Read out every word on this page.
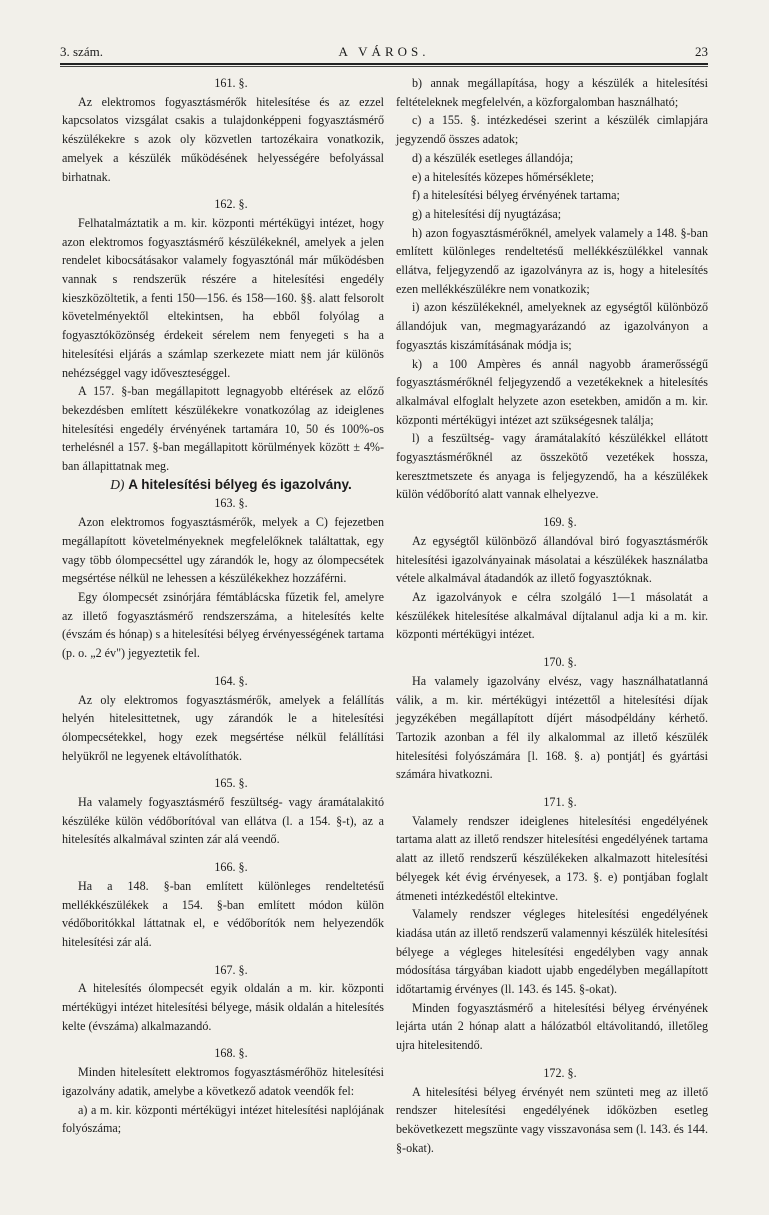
3. szám.	A VÁROS.	23

161. §.

Az elektromos fogyasztásmérők hitelesítése és az ezzel kapcsolatos vizsgálat csakis a tulajdonképpeni fogyasztásmérő készülékekre s azok oly közvetlen tartozékaira vonatkozik, amelyek a készülék működésének helyességére befolyással birhatnak.

162. §.

Felhatalmáztatik a m. kir. központi mértékügyi intézet, hogy azon elektromos fogyasztásmérő készülékeknél, amelyek a jelen rendelet kibocsátásakor valamely fogyasztónál már működésben vannak s rendszerük részére a hitelesítési engedély kieszközöltetik, a fenti 150—156. és 158—160. §§. alatt felsorolt követelményektől eltekintsen, ha ebből folyólag a fogyasztóközönség érdekeit sérelem nem fenyegeti s ha a hitelesítési eljárás a számlap szerkezete miatt nem jár különös nehézséggel vagy időveszteséggel.

A 157. §-ban megállapitott legnagyobb eltérések az előző bekezdésben említett készülékekre vonatkozólag az ideiglenes hitelesítési engedély érvényének tartamára 10, 50 és 100%-os terhelésnél a 157. §-ban megállapitott körülmények között ± 4%-ban állapittatnak meg.

D) A hitelesítési bélyeg és igazolvány.

163. §.

Azon elektromos fogyasztásmérők, melyek a C) fejezetben megállapított követelményeknek megfelelőknek találtattak, egy vagy több ólompecséttel ugy zárandók le, hogy az ólompecsétek megsértése nélkül ne lehessen a készülékekhez hozzáférni.

Egy ólompecsét zsinórjára fémtáblácska fűzetik fel, amelyre az illető fogyasztásmérő rendszerszáma, a hitelesítés kelte (évszám és hónap) s a hitelesítési bélyeg érvényességének tartama (p. o. „2 év") jegyeztetik fel.

164. §.

Az oly elektromos fogyasztásmérők, amelyek a felállítás helyén hitelesittetnek, ugy zárandók le a hitelesítési ólompecsétekkel, hogy ezek megsértése nélkül felállítási helyükről ne legyenek eltávolíthatók.

165. §.

Ha valamely fogyasztásmérő feszültség- vagy áramátalakitó készüléke külön védőborítóval van ellátva (l. a 154. §-t), az a hitelesítés alkalmával szinten zár alá veendő.

166. §.

Ha a 148. §-ban említett különleges rendeltetésű mellékkészülékek a 154. §-ban említett módon külön védőboritókkal láttatnak el, e védőborítók nem helyezendők hitelesítési zár alá.

167. §.

A hitelesítés ólompecsét egyik oldalán a m. kir. központi mértékügyi intézet hitelesítési bélyege, másik oldalán a hitelesítés kelte (évszáma) alkalmazandó.

168. §.

Minden hitelesített elektromos fogyasztásmérőhöz hitelesítési igazolvány adatik, amelybe a következő adatok veendők fel:

a) a m. kir. központi mértékügyi intézet hitelesítési naplójának folyószáma;

b) annak megállapítása, hogy a készülék a hitelesítési feltételeknek megfelelvén, a közforgalomban használható;

c) a 155. §. intézkedései szerint a készülék cimlapjára jegyzendő összes adatok;

d) a készülék esetleges állandója;

e) a hitelesítés közepes hőmérséklete;

f) a hitelesítési bélyeg érvényének tartama;

g) a hitelesítési díj nyugtázása;

h) azon fogyasztásmérőknél, amelyek valamely a 148. §-ban említett különleges rendeltetésű mellékkészülékkel vannak ellátva, feljegyzendő az igazolványra az is, hogy a hitelesítés ezen mellékkészülékre nem vonatkozik;

i) azon készülékeknél, amelyeknek az egységtől különböző állandójuk van, megmagyarázandó az igazolványon a fogyasztás kiszámításának módja is;

k) a 100 Ampères és annál nagyobb áramerősségű fogyasztásmérőknél feljegyzendő a vezetékeknek a hitelesítés alkalmával elfoglalt helyzete azon esetekben, amidőn a m. kir. központi mértékügyi intézet azt szükségesnek találja;

l) a feszültség- vagy áramátalakító készülékkel ellátott fogyasztásmérőknél az összekötő vezetékek hossza, keresztmetszete és anyaga is feljegyzendő, ha a készülékek külön védőborító alatt vannak elhelyezve.

169. §.

Az egységtől különböző állandóval biró fogyasztásmérők hitelesítési igazolványainak másolatai a készülékek használatba vétele alkalmával átadandók az illető fogyasztóknak.

Az igazolványok e célra szolgáló 1—1 másolatát a készülékek hitelesítése alkalmával díjtalanul adja ki a m. kir. központi mértékügyi intézet.

170. §.

Ha valamely igazolvány elvész, vagy használhatatlanná válik, a m. kir. mértékügyi intézettől a hitelesítési díjak jegyzékében megállapított díjért másodpéldány kérhető. Tartozik azonban a fél ily alkalommal az illető készülék hitelesítési folyószámára [l. 168. §. a) pontját] és gyártási számára hivatkozni.

171. §.

Valamely rendszer ideiglenes hitelesítési engedélyének tartama alatt az illető rendszer hitelesítési engedélyének tartama alatt az illető rendszerű készülékeken alkalmazott hitelesítési bélyegek két évig érvényesek, a 173. §. e) pontjában foglalt átmeneti intézkedéstől eltekintve.

Valamely rendszer végleges hitelesítési engedélyének kiadása után az illető rendszerű valamennyi készülék hitelesítési bélyege a végleges hitelesítési engedélyben vagy annak módosítása tárgyában kiadott ujabb engedélyben megállapított időtartamig érvényes (ll. 143. és 145. §-okat).

Minden fogyasztásmérő a hitelesítési bélyeg érvényének lejárta után 2 hónap alatt a hálózatból eltávolitandó, illetőleg ujra hitelesitendő.

172. §.

A hitelesítési bélyeg érvényét nem szünteti meg az illető rendszer hitelesítési engedélyének időközben esetleg bekövetkezett megszünte vagy visszavonása sem (l. 143. és 144. §-okat).
